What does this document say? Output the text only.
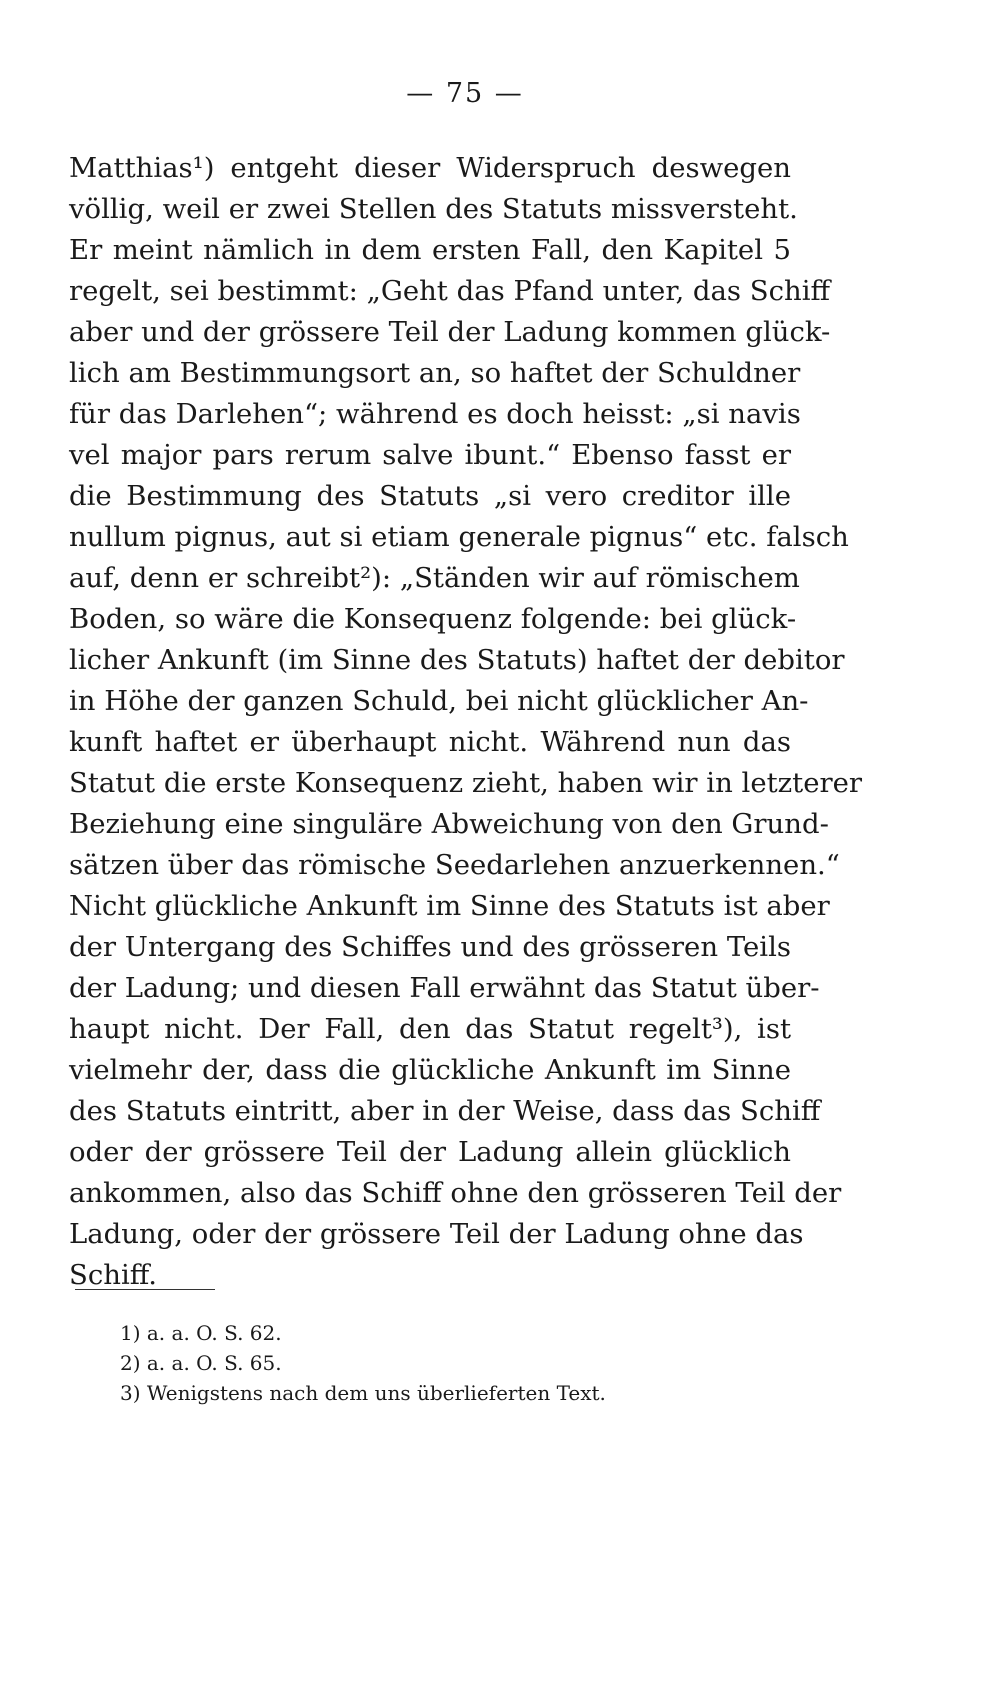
— 75 —
Matthias¹) entgeht dieser Widerspruch deswegen
völlig, weil er zwei Stellen des Statuts missversteht.
Er meint nämlich in dem ersten Fall, den Kapitel 5
regelt, sei bestimmt: „Geht das Pfand unter, das Schiff
aber und der grössere Teil der Ladung kommen glück-
lich am Bestimmungsort an, so haftet der Schuldner
für das Darlehen“; während es doch heisst: „si navis
vel major pars rerum salve ibunt.“ Ebenso fasst er
die Bestimmung des Statuts „si vero creditor ille
nullum pignus, aut si etiam generale pignus“ etc. falsch
auf, denn er schreibt²): „Ständen wir auf römischem
Boden, so wäre die Konsequenz folgende: bei glück-
licher Ankunft (im Sinne des Statuts) haftet der debitor
in Höhe der ganzen Schuld, bei nicht glücklicher An-
kunft haftet er überhaupt nicht. Während nun das
Statut die erste Konsequenz zieht, haben wir in letzterer
Beziehung eine singuläre Abweichung von den Grund-
sätzen über das römische Seedarlehen anzuerkennen.“
Nicht glückliche Ankunft im Sinne des Statuts ist aber
der Untergang des Schiffes und des grösseren Teils
der Ladung; und diesen Fall erwähnt das Statut über-
haupt nicht. Der Fall, den das Statut regelt³), ist
vielmehr der, dass die glückliche Ankunft im Sinne
des Statuts eintritt, aber in der Weise, dass das Schiff
oder der grössere Teil der Ladung allein glücklich
ankommen, also das Schiff ohne den grösseren Teil der
Ladung, oder der grössere Teil der Ladung ohne das
Schiff.
1) a. a. O. S. 62.
2) a. a. O. S. 65.
3) Wenigstens nach dem uns überlieferten Text.
